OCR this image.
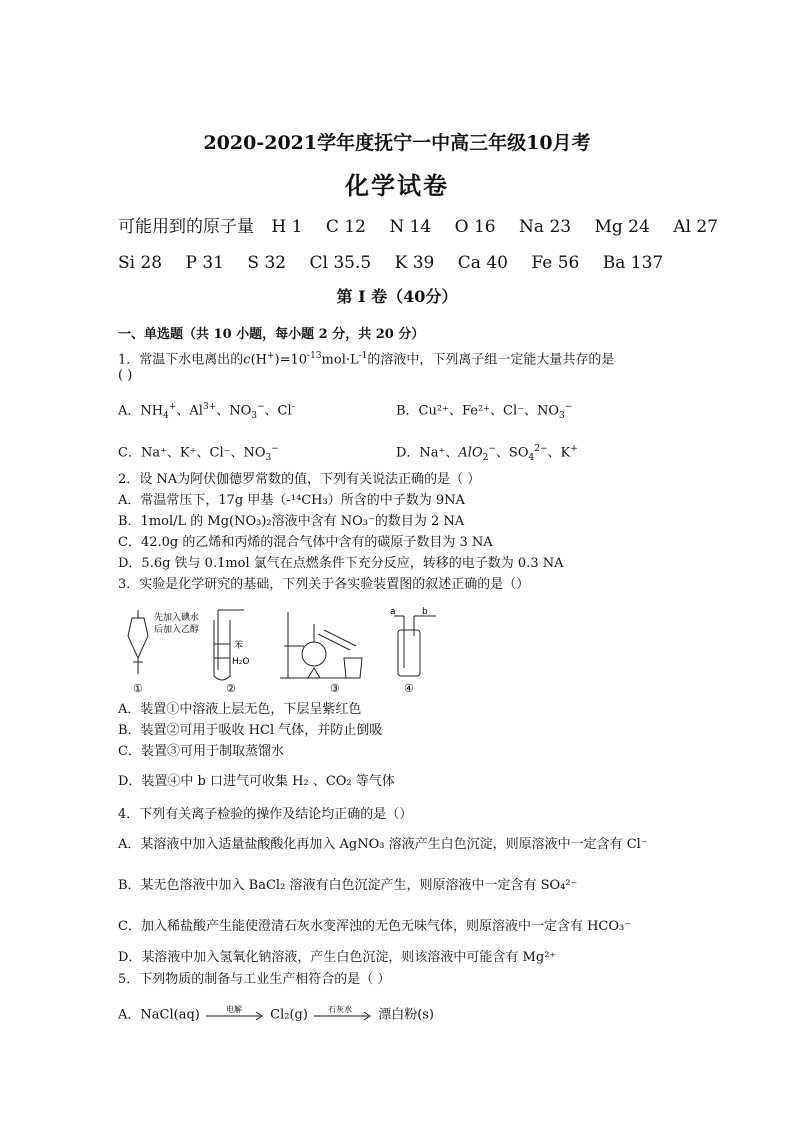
2020-2021学年度抚宁一中高三年级10月考
化学试卷
可能用到的原子量 H 1 C 12 N 14 O 16 Na 23 Mg 24 Al 27
Si 28 P 31 S 32 Cl 35.5 K 39 Ca 40 Fe 56 Ba 137
第 I 卷（40分）
一、单选题（共 10 小题，每小题 2 分，共 20 分）
1．常温下水电离出的$c(H^+)=10^{-13}mol\cdot L^{-1}$的溶液中，下列离子组一定能大量共存的是
( )
A．$NH_4^+$、$Al^{3+}$、$NO_3^-$、Cl-	B．Cu²⁺、Fe²⁺、Cl⁻、$NO_3^-$
C．Na⁺、K⁺、Cl⁻、$NO_3^-$	D．Na⁺、AlO$_2$−、$SO_4^{2-}$、K+
2．设 NA为阿伏伽德罗常数的值，下列有关说法正确的是（ ）
A．常温常压下，17g 甲基（-¹⁴CH₃）所含的中子数为 9NA
B．1mol/L 的 Mg(NO₃)₂溶液中含有 NO₃⁻的数目为 2 NA
C．42.0g 的乙烯和丙烯的混合气体中含有的碳原子数目为 3 NA
D．5.6g 铁与 0.1mol 氯气在点燃条件下充分反应，转移的电子数为 0.3 NA
3．实验是化学研究的基础，下列关于各实验装置图的叙述正确的是（）
先加入碘水
后加入乙醇
苯
H₂O
a	b
①	②	③	④
A．装置①中溶液上层无色，下层呈紫红色
B．装置②可用于吸收 HCl 气体，并防止倒吸
C．装置③可用于制取蒸馏水
D．装置④中 b 口进气可收集 H₂ 、CO₂ 等气体
4．下列有关离子检验的操作及结论均正确的是（）
A．某溶液中加入适量盐酸酸化再加入 AgNO₃ 溶液产生白色沉淀，则原溶液中一定含有 Cl⁻
B．某无色溶液中加入 BaCl₂ 溶液有白色沉淀产生，则原溶液中一定含有 SO₄²⁻
C．加入稀盐酸产生能使澄清石灰水变浑浊的无色无味气体，则原溶液中一定含有 HCO₃⁻
D．某溶液中加入氢氧化钠溶液，产生白色沉淀，则该溶液中可能含有 Mg²⁺
5．下列物质的制备与工业生产相符合的是（ ）
A．NaCl(aq)	电解 Cl₂(g)	石灰水 漂白粉(s)
